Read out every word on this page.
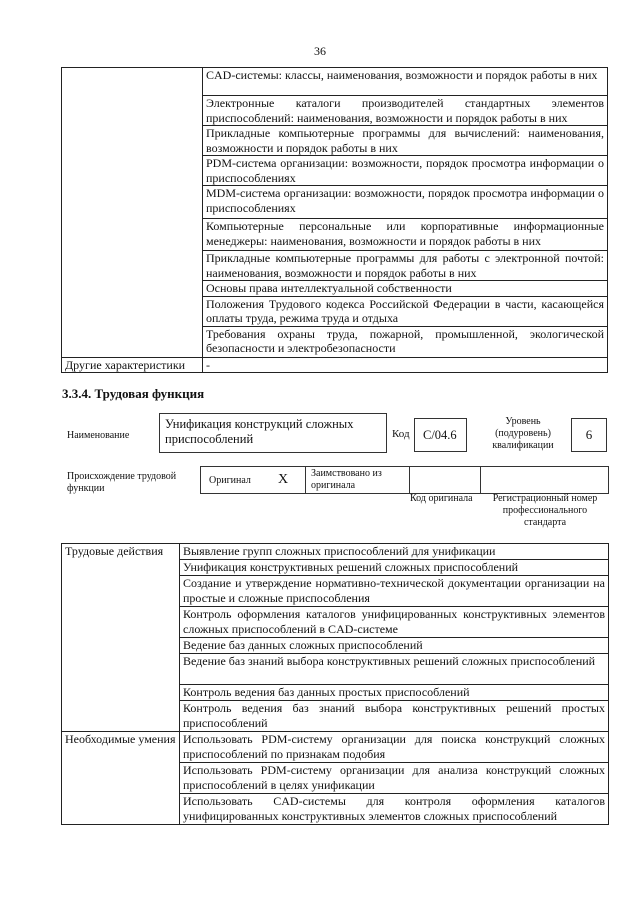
36
	CAD-системы: классы, наименования, возможности и порядок работы в них
	Электронные каталоги производителей стандартных элементов приспособлений: наименования, возможности и порядок работы в них
	Прикладные компьютерные программы для вычислений: наименования, возможности и порядок работы в них
	PDM-система организации: возможности, порядок просмотра информации о приспособлениях
	MDM-система организации: возможности, порядок просмотра информации о приспособлениях
	Компьютерные персональные или корпоративные информационные менеджеры: наименования, возможности и порядок работы в них
	Прикладные компьютерные программы для работы с электронной почтой: наименования, возможности и порядок работы в них
	Основы права интеллектуальной собственности
	Положения Трудового кодекса Российской Федерации в части, касающейся оплаты труда, режима труда и отдыха
	Требования охраны труда, пожарной, промышленной, экологической безопасности и электробезопасности
Другие характеристики	-
3.3.4. Трудовая функция
Наименование
Унификация конструкций сложных приспособлений	Код	С/04.6
Уровень (подуровень) квалификации
6
Происхождение трудовой функции
Оригинал X Заимствовано из оригинала
Код оригинала	Регистрационный номер профессионального стандарта
Трудовые действия	Выявление групп сложных приспособлений для унификации
	Унификация конструктивных решений сложных приспособлений
	Создание и утверждение нормативно-технической документации организации на простые и сложные приспособления
	Контроль оформления каталогов унифицированных конструктивных элементов сложных приспособлений в CAD-системе
	Ведение баз данных сложных приспособлений
	Ведение баз знаний выбора конструктивных решений сложных приспособлений
	Контроль ведения баз данных простых приспособлений
	Контроль ведения баз знаний выбора конструктивных решений простых приспособлений
Необходимые умения	Использовать PDM-систему организации для поиска конструкций сложных приспособлений по признакам подобия
	Использовать PDM-систему организации для анализа конструкций сложных приспособлений в целях унификации
	Использовать CAD-системы для контроля оформления каталогов унифицированных конструктивных элементов сложных приспособлений
